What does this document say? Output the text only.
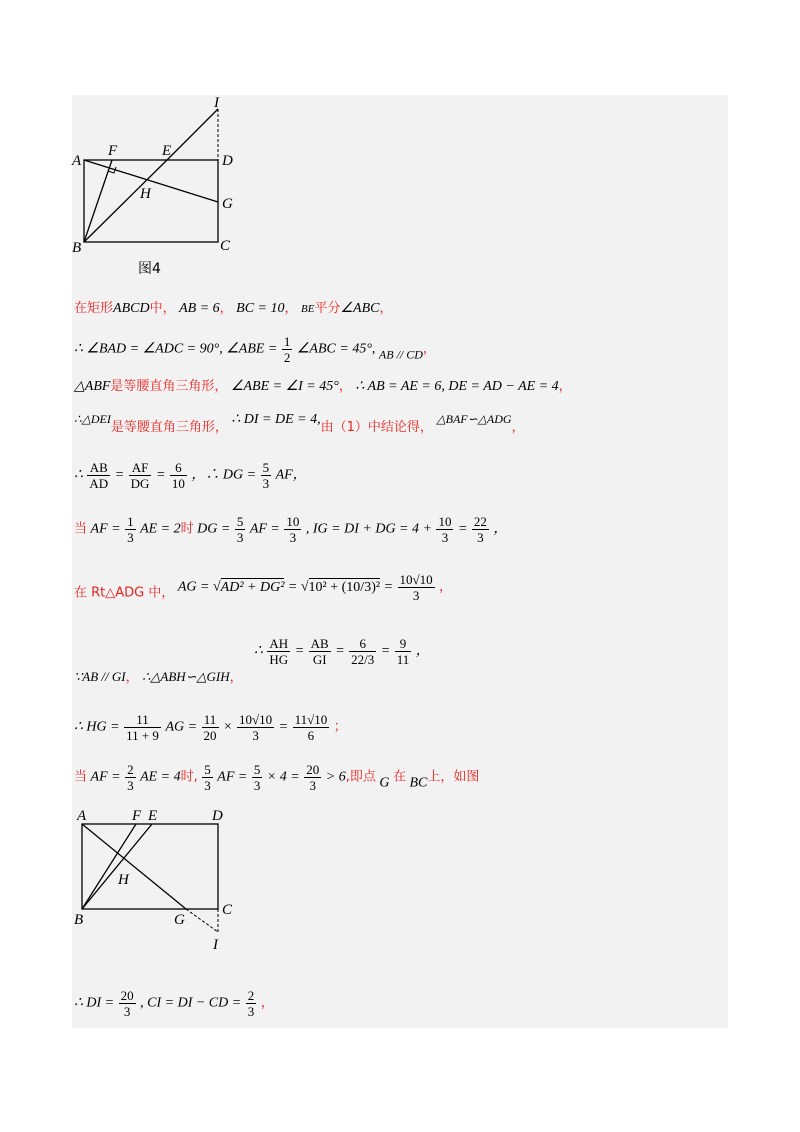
A
F	E
D
I
H
G
B	C
图4
在矩形ABCD中， AB = 6， BC = 10， BE平分∠ABC，
∴ ∠BAD = ∠ADC = 90°, ∠ABE = $\frac{1}{2}$ ∠ABC = 45°, AB // CD，
△ABF是等腰直角三角形， ∠ABE = ∠I = 45°， ∴ AB = AE = 6, DE = AD − AE = 4，
∴△DEI是等腰直角三角形， ∴ DI = DE = 4,由（1）中结论得， △BAF∽△ADG，
∴ $\frac{AB}{AD} = \frac{AF}{DG} = \frac{6}{10}$ ，∴ DG = $\frac{5}{3}$ AF，
当 AF = $\frac{1}{3}$ AE = 2时 DG = $\frac{5}{3}$ AF = $\frac{10}{3}$ , IG = DI + DG = $4 + \frac{10}{3} = \frac{22}{3}$ ，
在 Rt△ADG 中， AG = $√AD^2 + DG^2 = √10^2 + (10/3)^2 = \frac{10√10}{3}$ ，
∴ $\frac{AH}{HG} = \frac{AB}{GI} = \frac{6}{22/3} = \frac{9}{11}$ ，
∵AB // GI， ∴△ABH∽△GIH，
∴ HG = $\frac{11}{11 + 9}$ AG = $\frac{11}{20} \times \frac{10√10}{3} = \frac{11√10}{6}$ ；
当 AF = $\frac{2}{3}$ AE = 4时, $\frac{5}{3}$ AF = $\frac{5}{3} \times 4 = \frac{20}{3} > 6$,即点 G 在 BC上，如图
A	F E	D
H
B	G
C
I
∴ DI = $\frac{20}{3}$ , CI = DI − CD = $\frac{2}{3}$ ，
